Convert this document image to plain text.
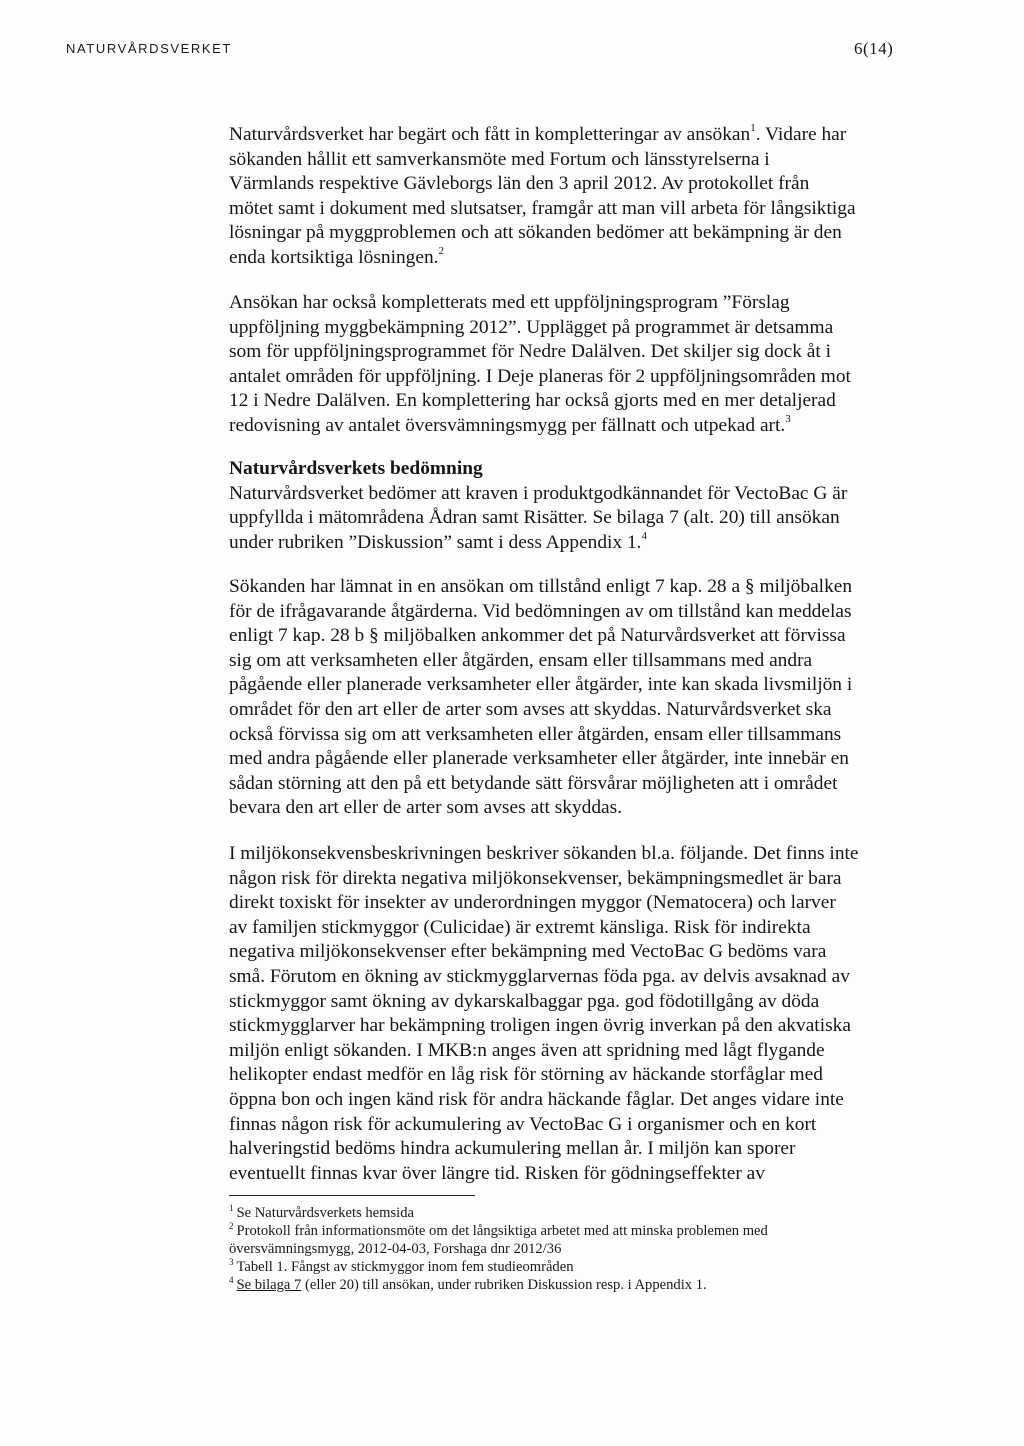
NATURVÅRDSVERKET	6(14)
Naturvårdsverket har begärt och fått in kompletteringar av ansökan$^1$. Vidare har
sökanden hållit ett samverkansmöte med Fortum och länsstyrelserna i
Värmlands respektive Gävleborgs län den 3 april 2012. Av protokollet från
mötet samt i dokument med slutsatser, framgår att man vill arbeta för långsiktiga
lösningar på myggproblemen och att sökanden bedömer att bekämpning är den
enda kortsiktiga lösningen.$^2$
Ansökan har också kompletterats med ett uppföljningsprogram ”Förslag
uppföljning myggbekämpning 2012”. Upplägget på programmet är detsamma
som för uppföljningsprogrammet för Nedre Dalälven. Det skiljer sig dock åt i
antalet områden för uppföljning. I Deje planeras för 2 uppföljningsområden mot
12 i Nedre Dalälven. En komplettering har också gjorts med en mer detaljerad
redovisning av antalet översvämningsmygg per fällnatt och utpekad art.$^3$
Naturvårdsverkets bedömning
Naturvårdsverket bedömer att kraven i produktgodkännandet för VectoBac G är
uppfyllda i mätområdena Ådran samt Risätter. Se bilaga 7 (alt. 20) till ansökan
under rubriken ”Diskussion” samt i dess Appendix 1.$^4$
Sökanden har lämnat in en ansökan om tillstånd enligt 7 kap. 28 a § miljöbalken
för de ifrågavarande åtgärderna. Vid bedömningen av om tillstånd kan meddelas
enligt 7 kap. 28 b § miljöbalken ankommer det på Naturvårdsverket att förvissa
sig om att verksamheten eller åtgärden, ensam eller tillsammans med andra
pågående eller planerade verksamheter eller åtgärder, inte kan skada livsmiljön i
området för den art eller de arter som avses att skyddas. Naturvårdsverket ska
också förvissa sig om att verksamheten eller åtgärden, ensam eller tillsammans
med andra pågående eller planerade verksamheter eller åtgärder, inte innebär en
sådan störning att den på ett betydande sätt försvårar möjligheten att i området
bevara den art eller de arter som avses att skyddas.
I miljökonsekvensbeskrivningen beskriver sökanden bl.a. följande. Det finns inte
någon risk för direkta negativa miljökonsekvenser, bekämpningsmedlet är bara
direkt toxiskt för insekter av underordningen myggor (Nematocera) och larver
av familjen stickmyggor (Culicidae) är extremt känsliga. Risk för indirekta
negativa miljökonsekvenser efter bekämpning med VectoBac G bedöms vara
små. Förutom en ökning av stickmygglarvernas föda pga. av delvis avsaknad av
stickmyggor samt ökning av dykarskalbaggar pga. god födotillgång av döda
stickmygglarver har bekämpning troligen ingen övrig inverkan på den akvatiska
miljön enligt sökanden. I MKB:n anges även att spridning med lågt flygande
helikopter endast medför en låg risk för störning av häckande storfåglar med
öppna bon och ingen känd risk för andra häckande fåglar. Det anges vidare inte
finnas någon risk för ackumulering av VectoBac G i organismer och en kort
halveringstid bedöms hindra ackumulering mellan år. I miljön kan sporer
eventuellt finnas kvar över längre tid. Risken för gödningseffekter av
$^1$ Se Naturvårdsverkets hemsida
$^2$ Protokoll från informationsmöte om det långsiktiga arbetet med att minska problemen med
översvämningsmygg, 2012-04-03, Forshaga dnr 2012/36
$^3$ Tabell 1. Fångst av stickmyggor inom fem studieområden
$^4$ Se bilaga 7 (eller 20) till ansökan, under rubriken Diskussion resp. i Appendix 1.
